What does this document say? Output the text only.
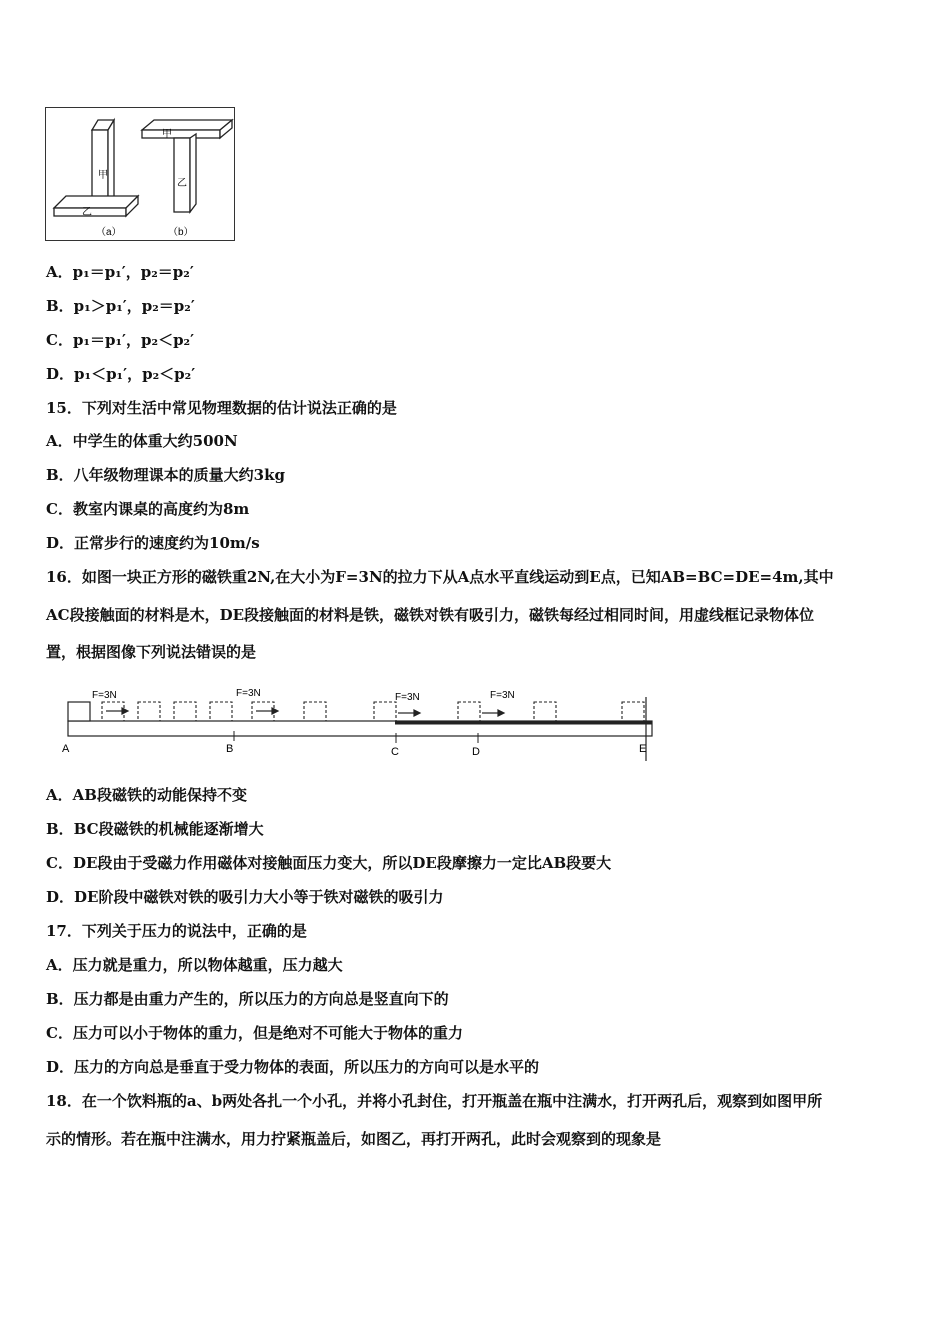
甲
乙
甲
乙
（a）	（b）
A．p₁＝p₁′，p₂＝p₂′
B．p₁＞p₁′，p₂＝p₂′
C．p₁＝p₁′，p₂＜p₂′
D．p₁＜p₁′，p₂＜p₂′
15．下列对生活中常见物理数据的估计说法正确的是
A．中学生的体重大约500N
B．八年级物理课本的质量大约3kg
C．教室内课桌的高度约为8m
D．正常步行的速度约为10m/s
16．如图一块正方形的磁铁重2N,在大小为F=3N的拉力下从A点水平直线运动到E点，已知AB=BC=DE=4m,其中
AC段接触面的材料是木，DE段接触面的材料是铁，磁铁对铁有吸引力，磁铁每经过相同时间，用虚线框记录物体位
置，根据图像下列说法错误的是
F=3N	F=3N	F=3N	F=3N
A	B	C	D	E
A．AB段磁铁的动能保持不变
B．BC段磁铁的机械能逐渐增大
C．DE段由于受磁力作用磁体对接触面压力变大，所以DE段摩擦力一定比AB段要大
D．DE阶段中磁铁对铁的吸引力大小等于铁对磁铁的吸引力
17．下列关于压力的说法中，正确的是
A．压力就是重力，所以物体越重，压力越大
B．压力都是由重力产生的，所以压力的方向总是竖直向下的
C．压力可以小于物体的重力，但是绝对不可能大于物体的重力
D．压力的方向总是垂直于受力物体的表面，所以压力的方向可以是水平的
18．在一个饮料瓶的a、b两处各扎一个小孔，并将小孔封住，打开瓶盖在瓶中注满水，打开两孔后，观察到如图甲所
示的情形。若在瓶中注满水，用力拧紧瓶盖后，如图乙，再打开两孔，此时会观察到的现象是
